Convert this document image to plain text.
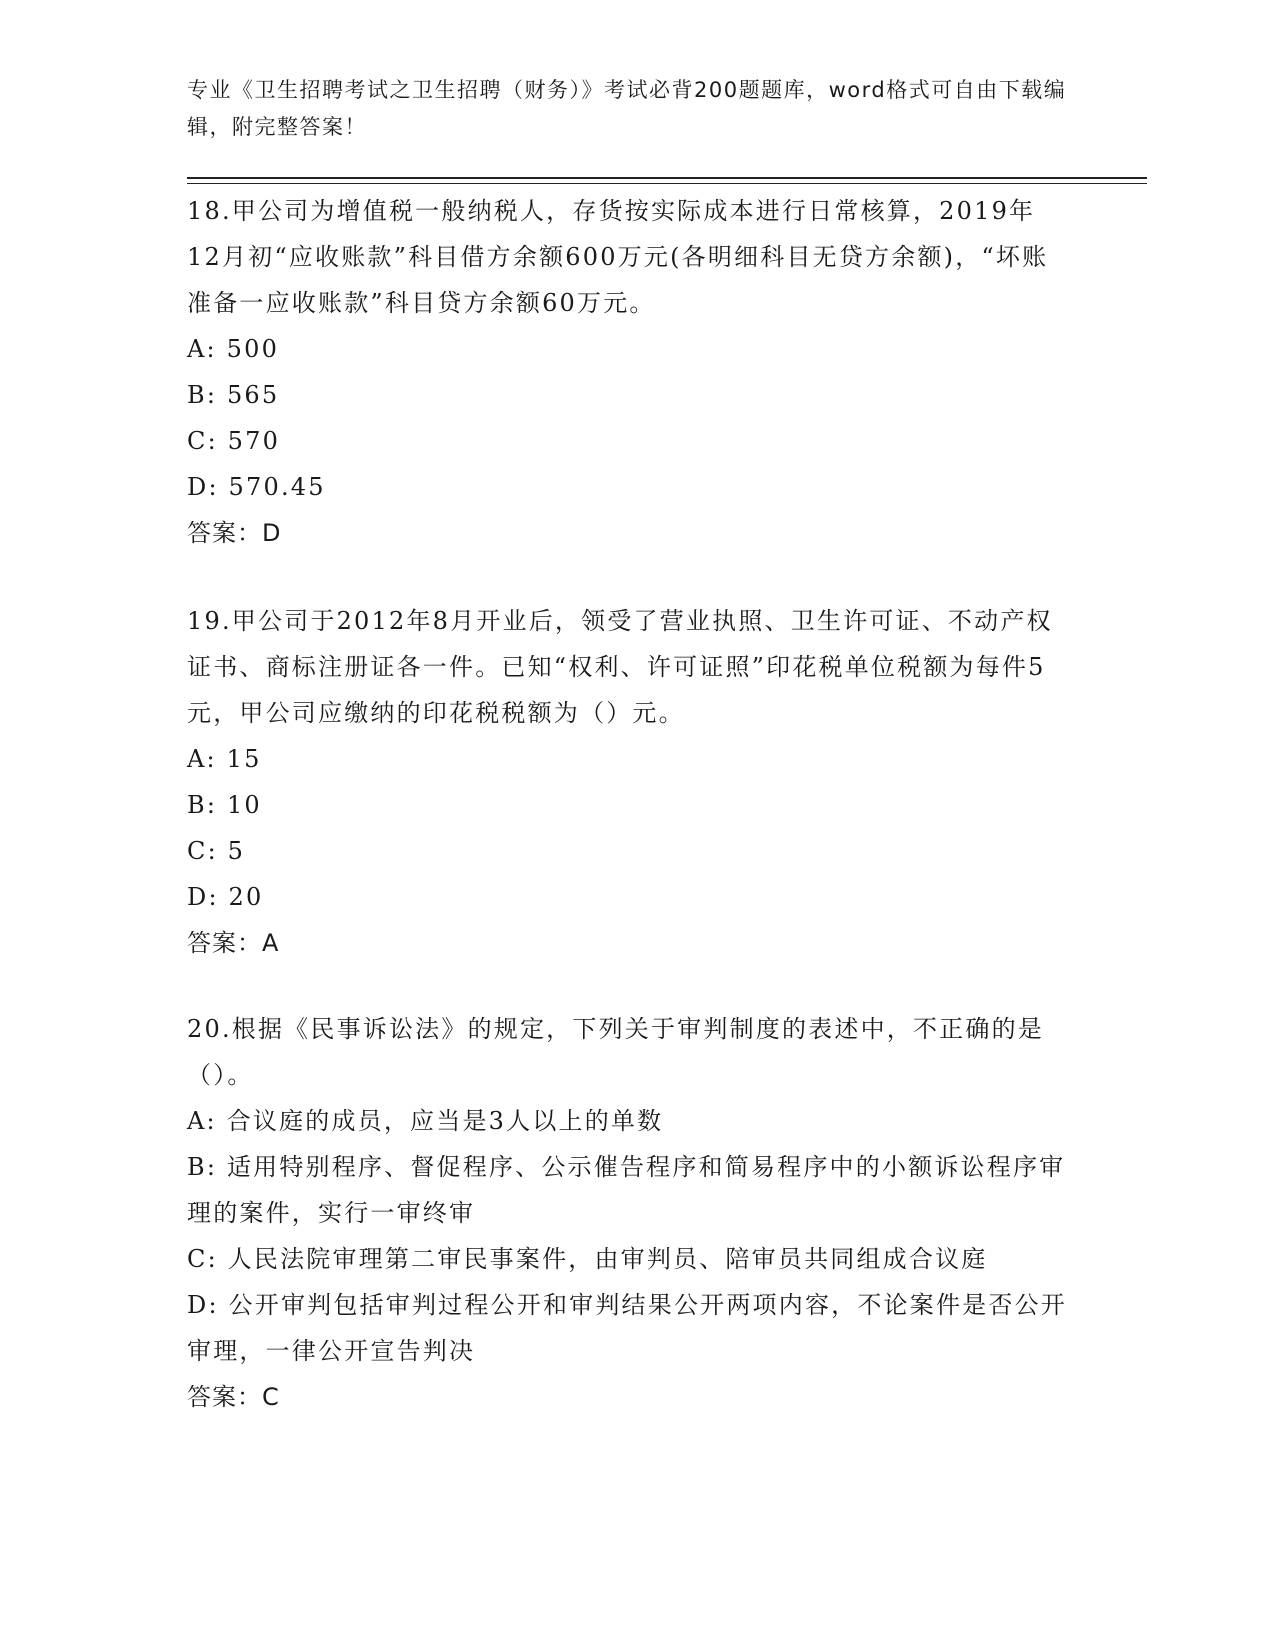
专业《卫生招聘考试之卫生招聘（财务）》考试必背200题题库，word格式可自由下载编辑，附完整答案！
18.甲公司为增值税一般纳税人，存货按实际成本进行日常核算，2019年12月初“应收账款”科目借方余额600万元(各明细科目无贷方余额)，“坏账准备一应收账款”科目贷方余额60万元。
A: 500
B: 565
C: 570
D: 570.45
答案：D
19.甲公司于2012年8月开业后，领受了营业执照、卫生许可证、不动产权证书、商标注册证各一件。已知“权利、许可证照”印花税单位税额为每件5元，甲公司应缴纳的印花税税额为（）元。
A: 15
B: 10
C: 5
D: 20
答案：A
20.根据《民事诉讼法》的规定，下列关于审判制度的表述中，不正确的是（）。
A: 合议庭的成员，应当是3人以上的单数
B: 适用特别程序、督促程序、公示催告程序和简易程序中的小额诉讼程序审理的案件，实行一审终审
C: 人民法院审理第二审民事案件，由审判员、陪审员共同组成合议庭
D: 公开审判包括审判过程公开和审判结果公开两项内容，不论案件是否公开审理，一律公开宣告判决
答案：C
